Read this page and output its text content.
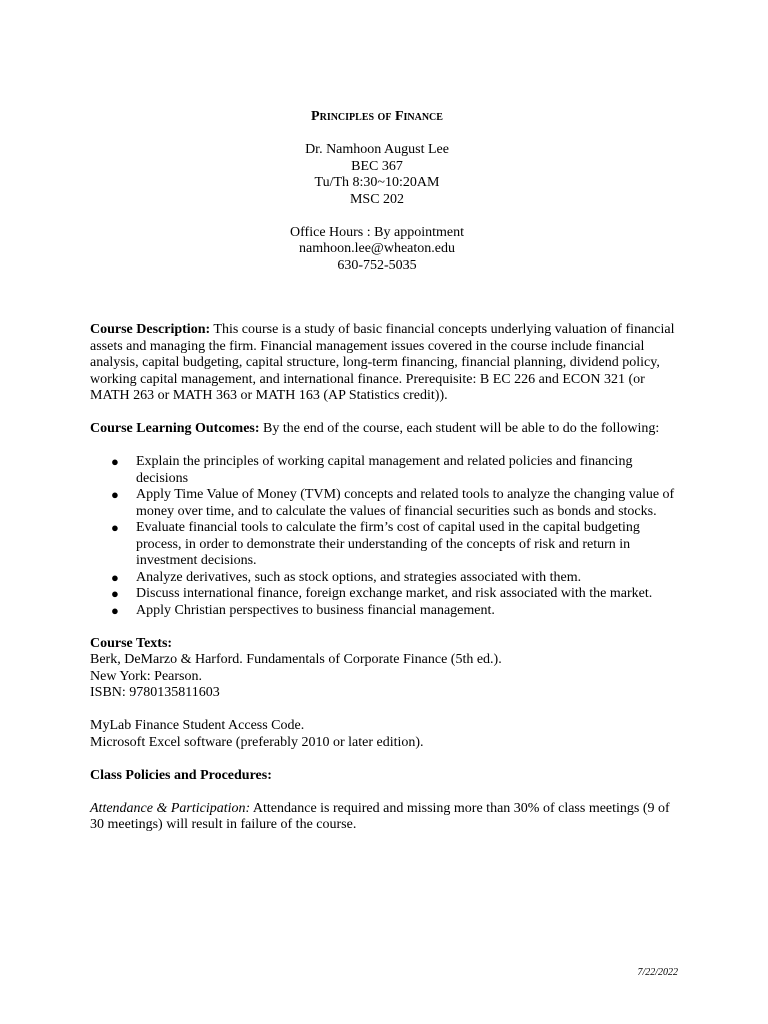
Principles of Finance

Dr. Namhoon August Lee

BEC 367

Tu/Th 8:30~10:20AM

MSC 202

Office Hours : By appointment

namhoon.lee@wheaton.edu

630-752-5035

Course Description: This course is a study of basic financial concepts underlying valuation of financial assets and managing the firm. Financial management issues covered in the course include financial analysis, capital budgeting, capital structure, long-term financing, financial planning, dividend policy, working capital management, and international finance. Prerequisite: B EC 226 and ECON 321 (or MATH 263 or MATH 363 or MATH 163 (AP Statistics credit)).

Course Learning Outcomes: By the end of the course, each student will be able to do the following:

● Explain the principles of working capital management and related policies and financing decisions
● Apply Time Value of Money (TVM) concepts and related tools to analyze the changing value of money over time, and to calculate the values of financial securities such as bonds and stocks.
● Evaluate financial tools to calculate the firm’s cost of capital used in the capital budgeting process, in order to demonstrate their understanding of the concepts of risk and return in investment decisions.
● Analyze derivatives, such as stock options, and strategies associated with them.
● Discuss international finance, foreign exchange market, and risk associated with the market.
● Apply Christian perspectives to business financial management.

Course Texts:

Berk, DeMarzo & Harford. Fundamentals of Corporate Finance (5th ed.).

New York: Pearson.

ISBN: 9780135811603

MyLab Finance Student Access Code.

Microsoft Excel software (preferably 2010 or later edition).

Class Policies and Procedures:

Attendance & Participation: Attendance is required and missing more than 30% of class meetings (9 of 30 meetings) will result in failure of the course.

7/22/2022
